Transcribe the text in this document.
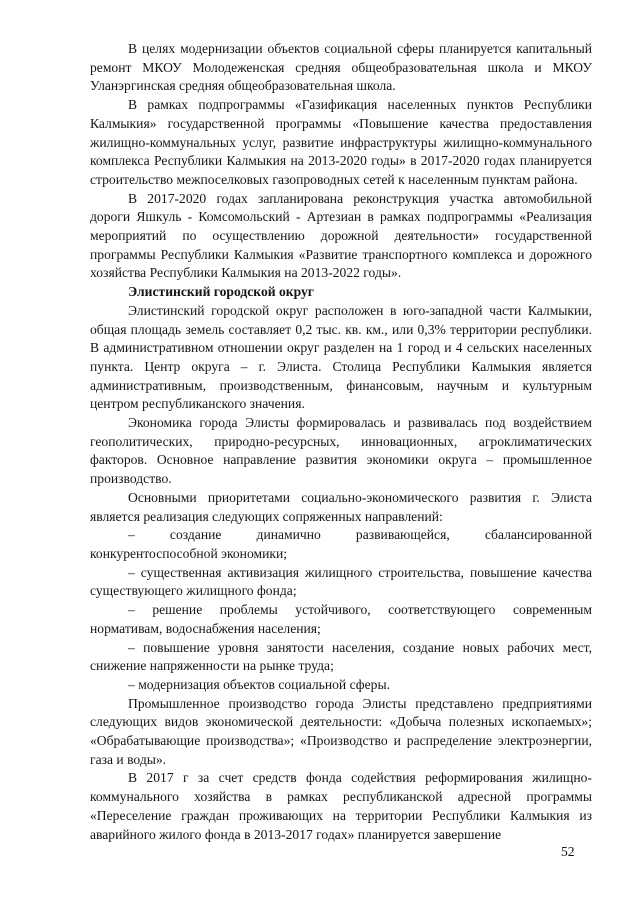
В целях модернизации объектов социальной сферы планируется капитальный ремонт МКОУ Молодеженская средняя общеобразовательная школа и МКОУ Уланэргинская средняя общеобразовательная школа.

В рамках подпрограммы «Газификация населенных пунктов Республики Калмыкия» государственной программы «Повышение качества предоставления жилищно-коммунальных услуг, развитие инфраструктуры жилищно-коммунального комплекса Республики Калмыкия на 2013-2020 годы» в 2017-2020 годах планируется строительство межпоселковых газопроводных сетей к населенным пунктам района.

В 2017-2020 годах запланирована реконструкция участка автомобильной дороги Яшкуль - Комсомольский - Артезиан в рамках подпрограммы «Реализация мероприятий по осуществлению дорожной деятельности» государственной программы Республики Калмыкия «Развитие транспортного комплекса и дорожного хозяйства Республики Калмыкия на 2013-2022 годы».

Элистинский городской округ

Элистинский городской округ расположен в юго-западной части Калмыкии, общая площадь земель составляет 0,2 тыс. кв. км., или 0,3% территории республики. В административном отношении округ разделен на 1 город и 4 сельских населенных пункта. Центр округа – г. Элиста. Столица Республики Калмыкия является административным, производственным, финансовым, научным и культурным центром республиканского значения.

Экономика города Элисты формировалась и развивалась под воздействием геополитических, природно-ресурсных, инновационных, агроклиматических факторов. Основное направление развития экономики округа – промышленное производство.

Основными приоритетами социально-экономического развития г. Элиста является реализация следующих сопряженных направлений:

– создание динамично развивающейся, сбалансированной конкурентоспособной экономики;

– существенная активизация жилищного строительства, повышение качества существующего жилищного фонда;

– решение проблемы устойчивого, соответствующего современным нормативам, водоснабжения населения;

– повышение уровня занятости населения, создание новых рабочих мест, снижение напряженности на рынке труда;

– модернизация объектов социальной сферы.

Промышленное производство города Элисты представлено предприятиями следующих видов экономической деятельности: «Добыча полезных ископаемых»; «Обрабатывающие производства»; «Производство и распределение электроэнергии, газа и воды».

В 2017 г за счет средств фонда содействия реформирования жилищно-коммунального хозяйства в рамках республиканской адресной программы «Переселение граждан проживающих на территории Республики Калмыкия из аварийного жилого фонда в 2013-2017 годах» планируется завершение

52
